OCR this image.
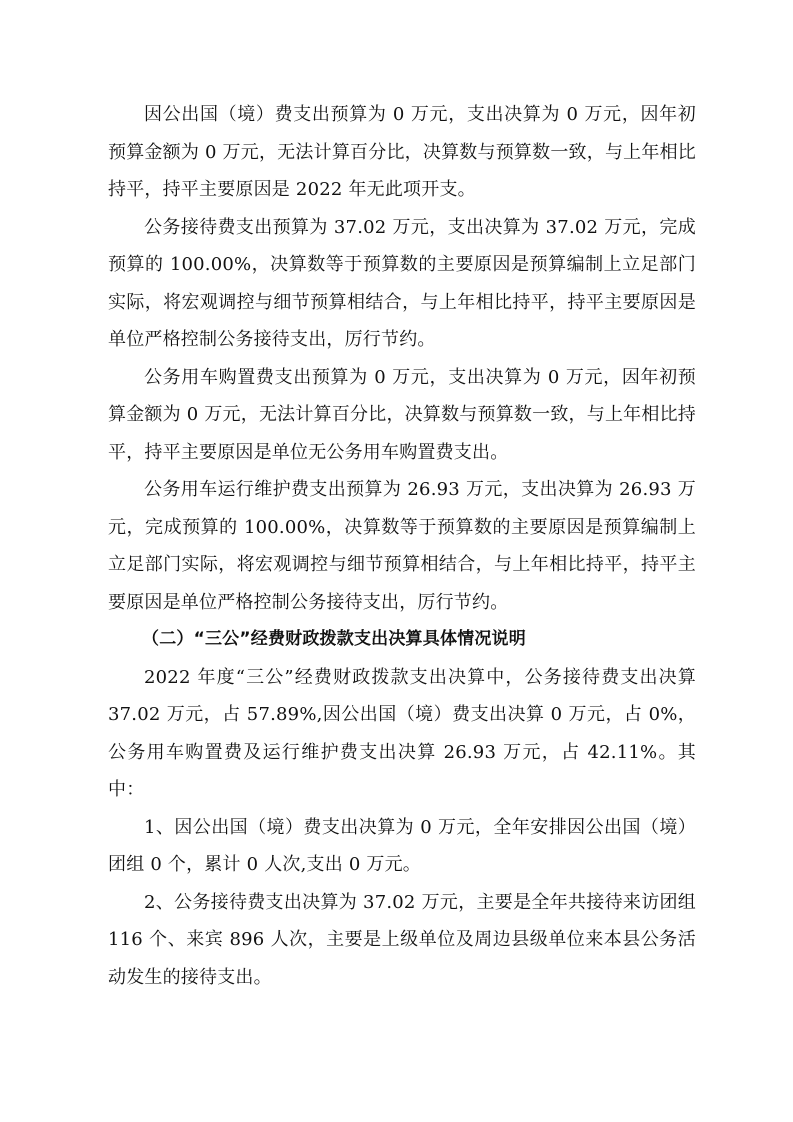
因公出国（境）费支出预算为 0 万元，支出决算为 0 万元，因年初预算金额为 0 万元，无法计算百分比，决算数与预算数一致，与上年相比持平，持平主要原因是 2022 年无此项开支。

公务接待费支出预算为 37.02 万元，支出决算为 37.02 万元，完成预算的 100.00%，决算数等于预算数的主要原因是预算编制上立足部门实际，将宏观调控与细节预算相结合，与上年相比持平，持平主要原因是单位严格控制公务接待支出，厉行节约。

公务用车购置费支出预算为 0 万元，支出决算为 0 万元，因年初预算金额为 0 万元，无法计算百分比，决算数与预算数一致，与上年相比持平，持平主要原因是单位无公务用车购置费支出。

公务用车运行维护费支出预算为 26.93 万元，支出决算为 26.93 万元，完成预算的 100.00%，决算数等于预算数的主要原因是预算编制上立足部门实际，将宏观调控与细节预算相结合，与上年相比持平，持平主要原因是单位严格控制公务接待支出，厉行节约。

（二）“三公”经费财政拨款支出决算具体情况说明

2022 年度“三公”经费财政拨款支出决算中，公务接待费支出决算 37.02 万元，占 57.89%,因公出国（境）费支出决算 0 万元，占 0%，公务用车购置费及运行维护费支出决算 26.93 万元，占 42.11%。其中：

1、因公出国（境）费支出决算为 0 万元，全年安排因公出国（境）团组 0 个，累计 0 人次,支出 0 万元。

2、公务接待费支出决算为 37.02 万元，主要是全年共接待来访团组 116 个、来宾 896 人次，主要是上级单位及周边县级单位来本县公务活动发生的接待支出。
